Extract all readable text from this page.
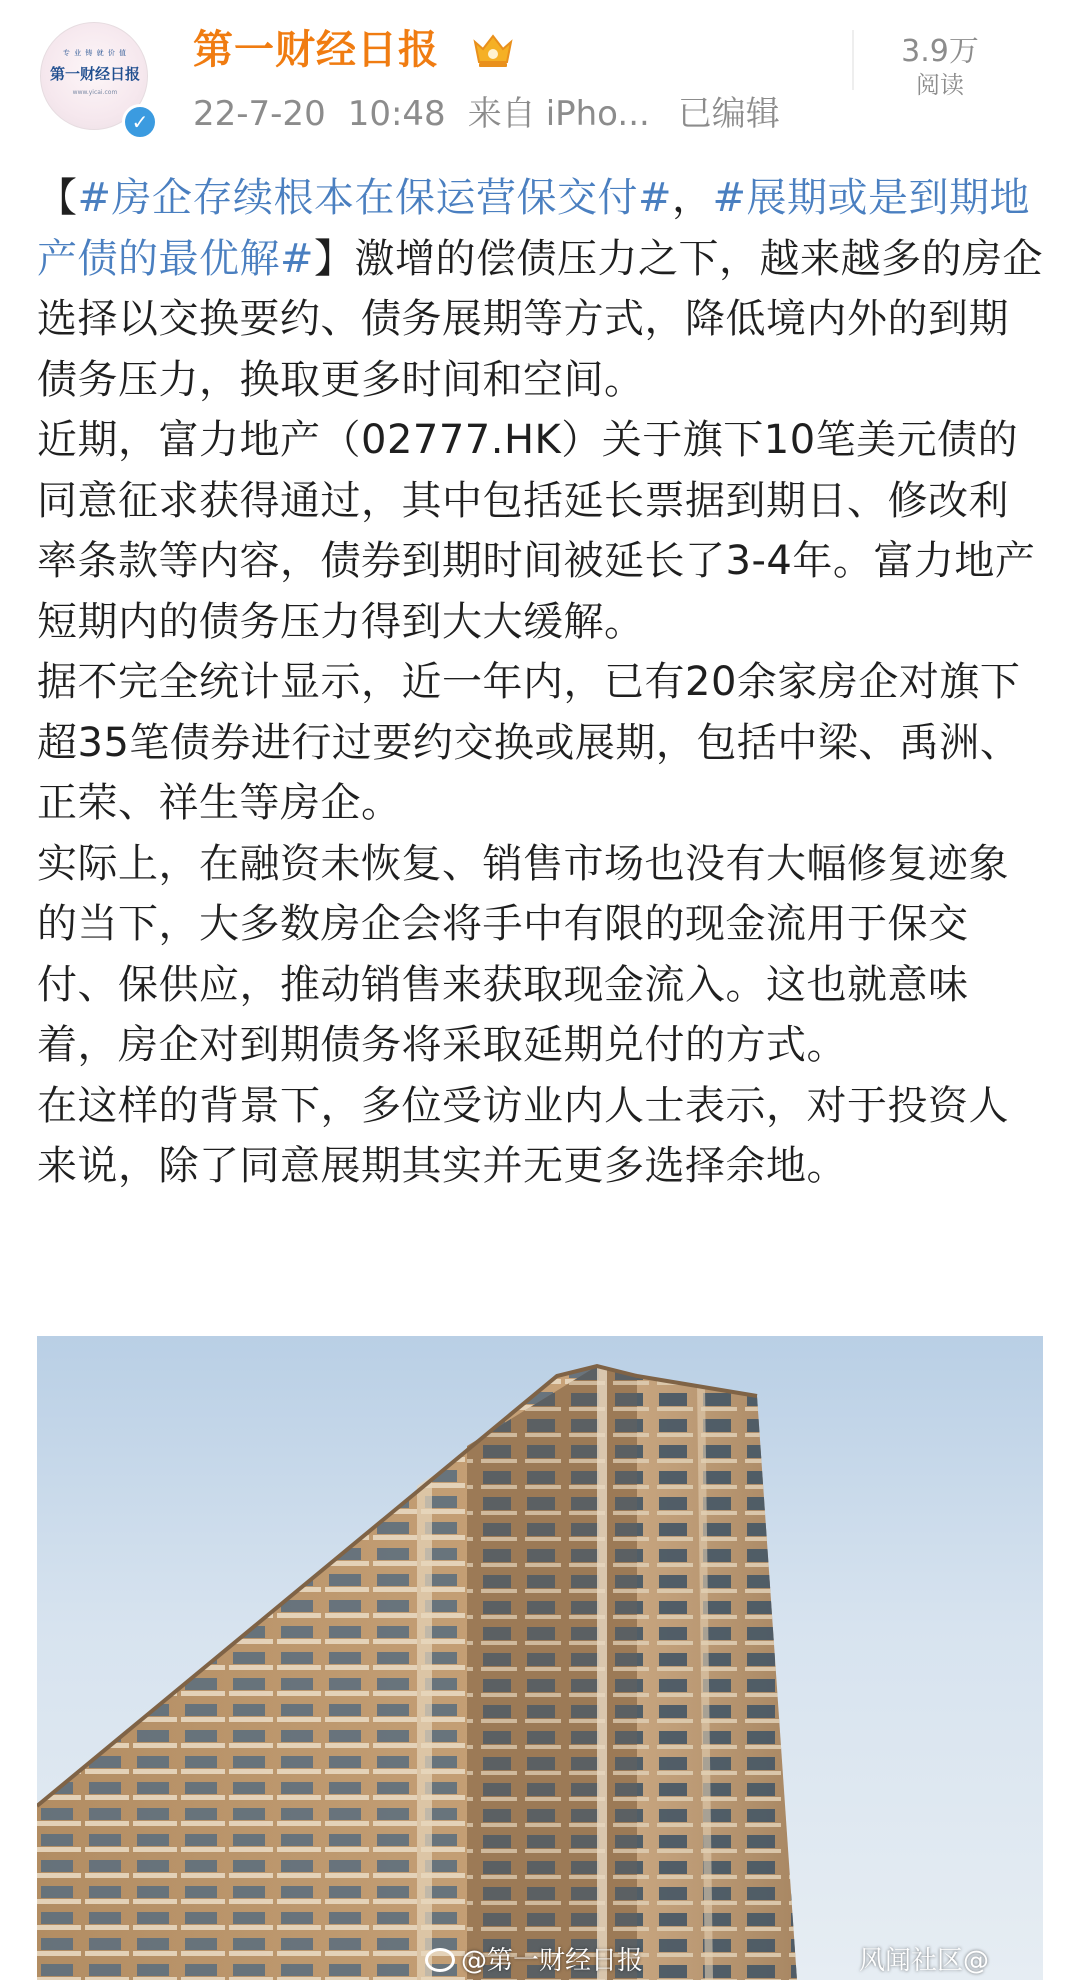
专 业 铸 就 价 值
第一财经日报
www.yicai.com
✓
第一财经日报
22-7-20 10:48 来自 iPho... 已编辑
3.9万
阅读

【#房企存续根本在保运营保交付#，#展期或是到期地产债的最优解#】激增的偿债压力之下，越来越多的房企选择以交换要约、债务展期等方式，降低境内外的到期债务压力，换取更多时间和空间。

近期，富力地产（02777.HK）关于旗下10笔美元债的同意征求获得通过，其中包括延长票据到期日、修改利率条款等内容，债券到期时间被延长了3-4年。富力地产短期内的债务压力得到大大缓解。

据不完全统计显示，近一年内，已有20余家房企对旗下超35笔债券进行过要约交换或展期，包括中梁、禹洲、正荣、祥生等房企。

实际上，在融资未恢复、销售市场也没有大幅修复迹象的当下，大多数房企会将手中有限的现金流用于保交付、保供应，推动销售来获取现金流入。这也就意味着，房企对到期债务将采取延期兑付的方式。

在这样的背景下，多位受访业内人士表示，对于投资人来说，除了同意展期其实并无更多选择余地。

@第一财经日报	风闻社区@
